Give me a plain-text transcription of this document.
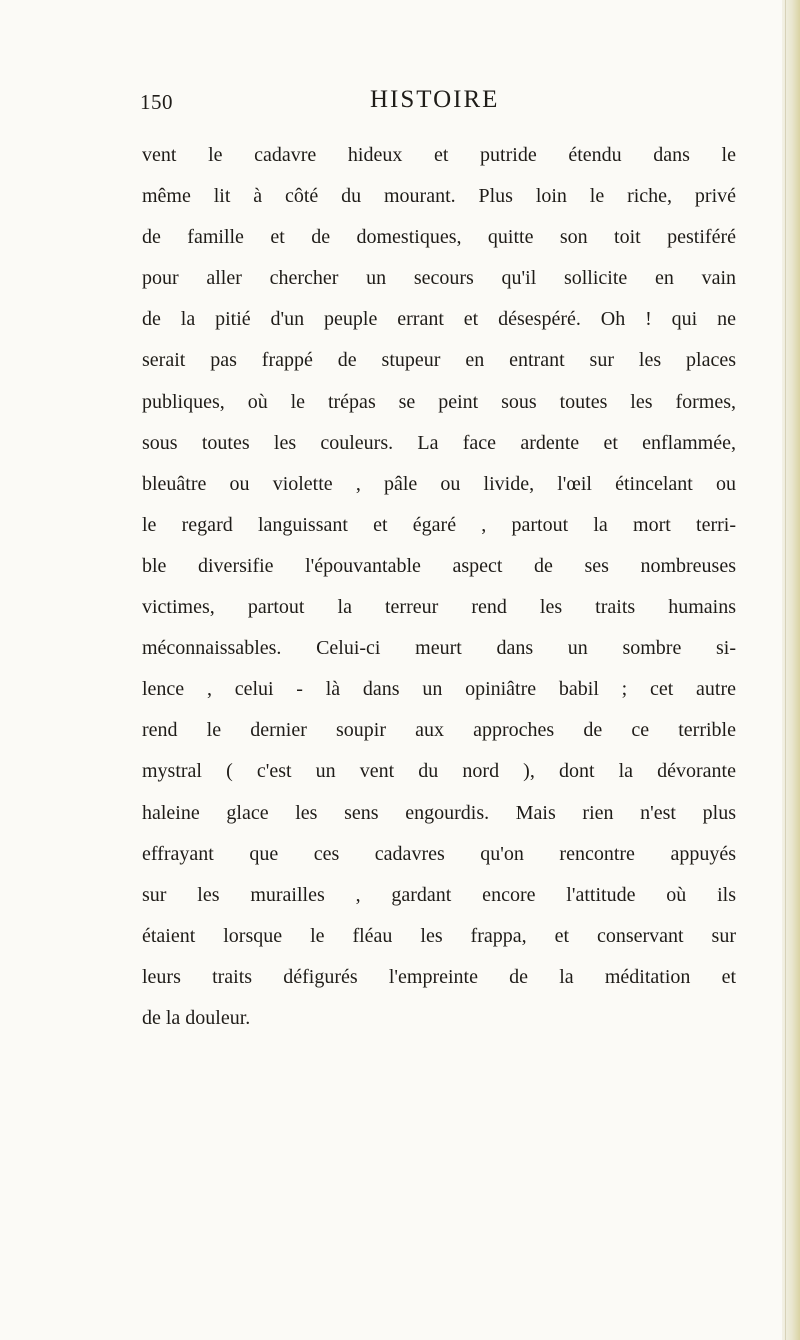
150	HISTOIRE
vent le cadavre hideux et putride étendu dans le
même lit à côté du mourant. Plus loin le riche, privé
de famille et de domestiques, quitte son toit pestiféré
pour aller chercher un secours qu'il sollicite en vain
de la pitié d'un peuple errant et désespéré. Oh ! qui ne
serait pas frappé de stupeur en entrant sur les places
publiques, où le trépas se peint sous toutes les formes,
sous toutes les couleurs. La face ardente et enflammée,
bleuâtre ou violette , pâle ou livide, l'œil étincelant ou
le regard languissant et égaré , partout la mort terri-
ble diversifie l'épouvantable aspect de ses nombreuses
victimes, partout la terreur rend les traits humains
méconnaissables. Celui-ci meurt dans un sombre si-
lence , celui - là dans un opiniâtre babil ; cet autre
rend le dernier soupir aux approches de ce terrible
mystral ( c'est un vent du nord ), dont la dévorante
haleine glace les sens engourdis. Mais rien n'est plus
effrayant que ces cadavres qu'on rencontre appuyés
sur les murailles , gardant encore l'attitude où ils
étaient lorsque le fléau les frappa, et conservant sur
leurs traits défigurés l'empreinte de la méditation et
de la douleur.
